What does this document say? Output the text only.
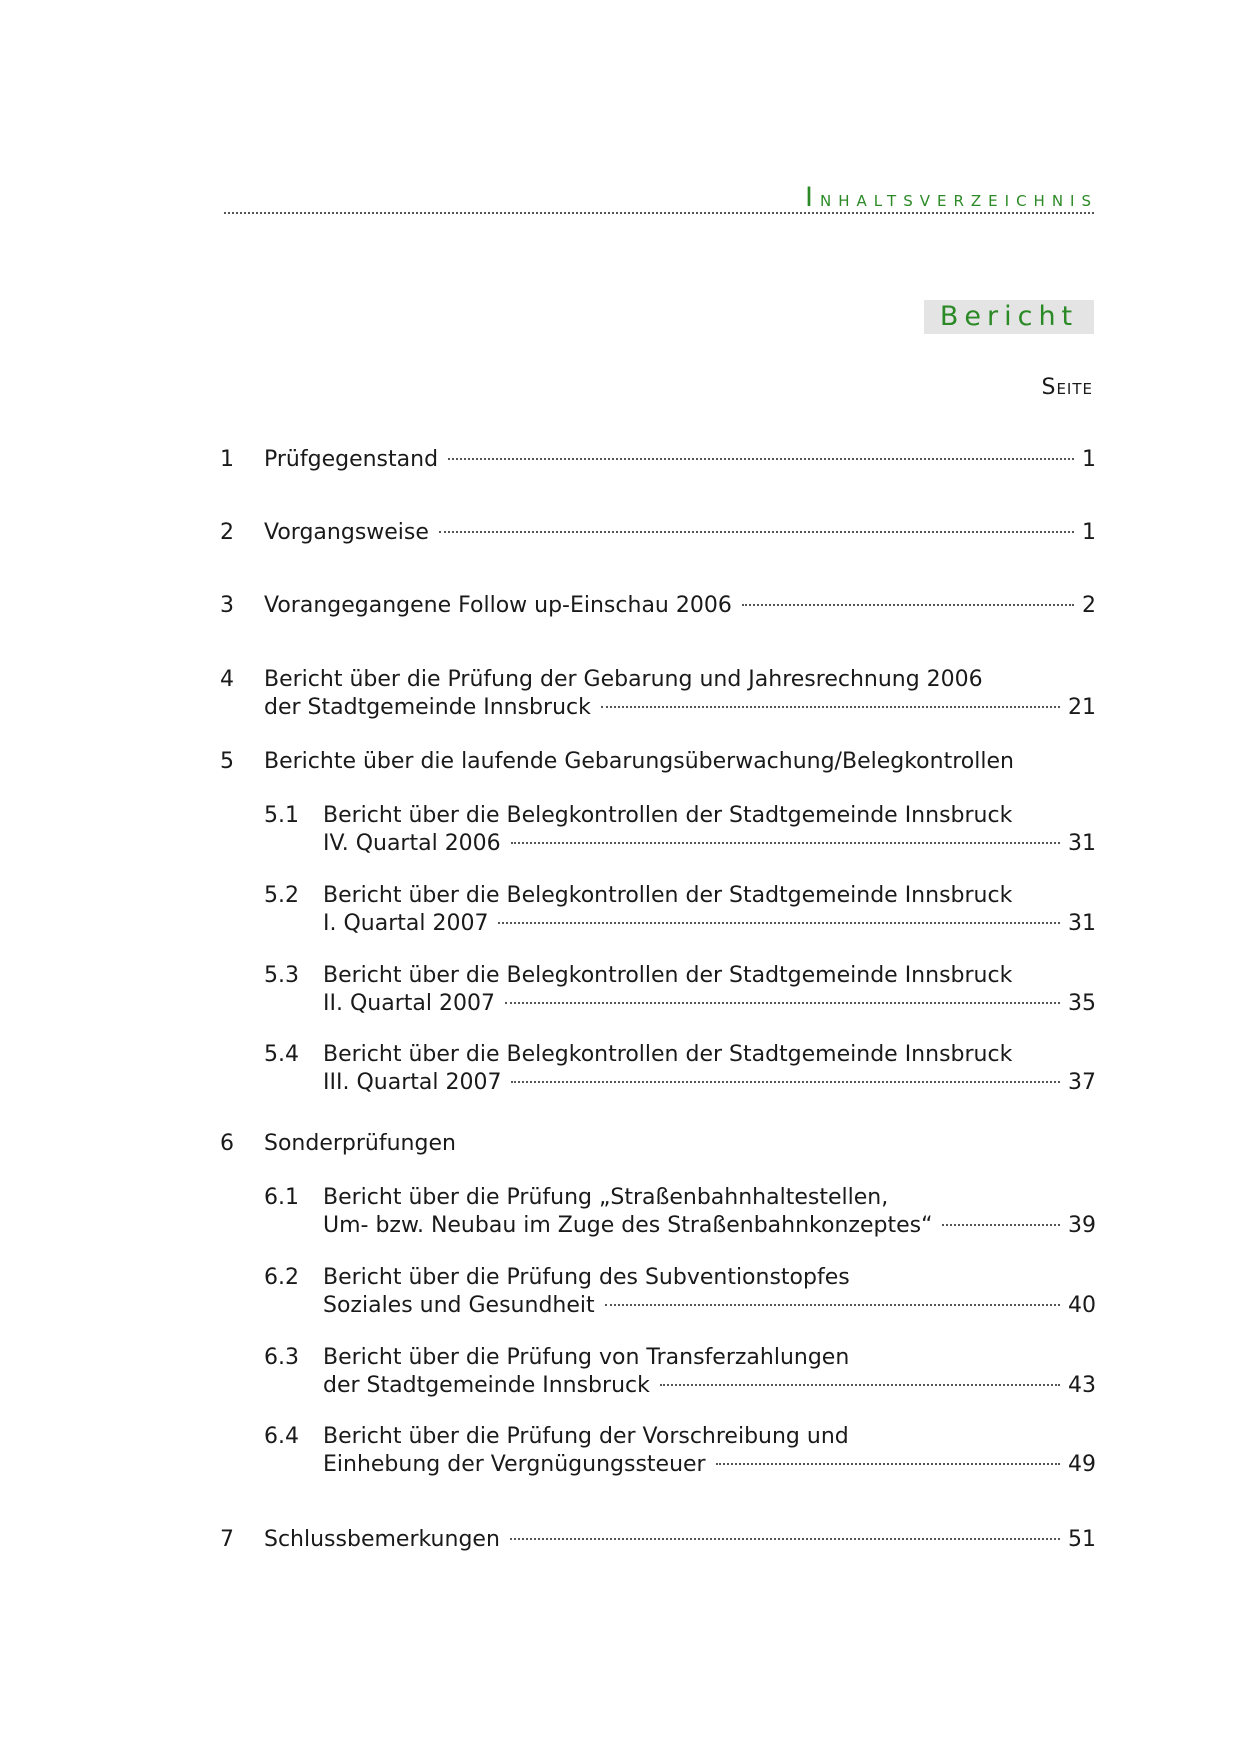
Inhaltsverzeichnis
Bericht
Seite
1 Prüfgegenstand	1
2 Vorgangsweise	1
3 Vorangegangene Follow up-Einschau 2006	2
4 Bericht über die Prüfung der Gebarung und Jahresrechnung 2006
der Stadtgemeinde Innsbruck	21
5 Berichte über die laufende Gebarungsüberwachung/Belegkontrollen
5.1 Bericht über die Belegkontrollen der Stadtgemeinde Innsbruck
IV. Quartal 2006	31
5.2 Bericht über die Belegkontrollen der Stadtgemeinde Innsbruck
I. Quartal 2007	31
5.3 Bericht über die Belegkontrollen der Stadtgemeinde Innsbruck
II. Quartal 2007	35
5.4 Bericht über die Belegkontrollen der Stadtgemeinde Innsbruck
III. Quartal 2007	37
6 Sonderprüfungen
6.1 Bericht über die Prüfung „Straßenbahnhaltestellen,
Um- bzw. Neubau im Zuge des Straßenbahnkonzeptes“	39
6.2 Bericht über die Prüfung des Subventionstopfes
Soziales und Gesundheit	40
6.3 Bericht über die Prüfung von Transferzahlungen
der Stadtgemeinde Innsbruck	43
6.4 Bericht über die Prüfung der Vorschreibung und
Einhebung der Vergnügungssteuer	49
7 Schlussbemerkungen	51
